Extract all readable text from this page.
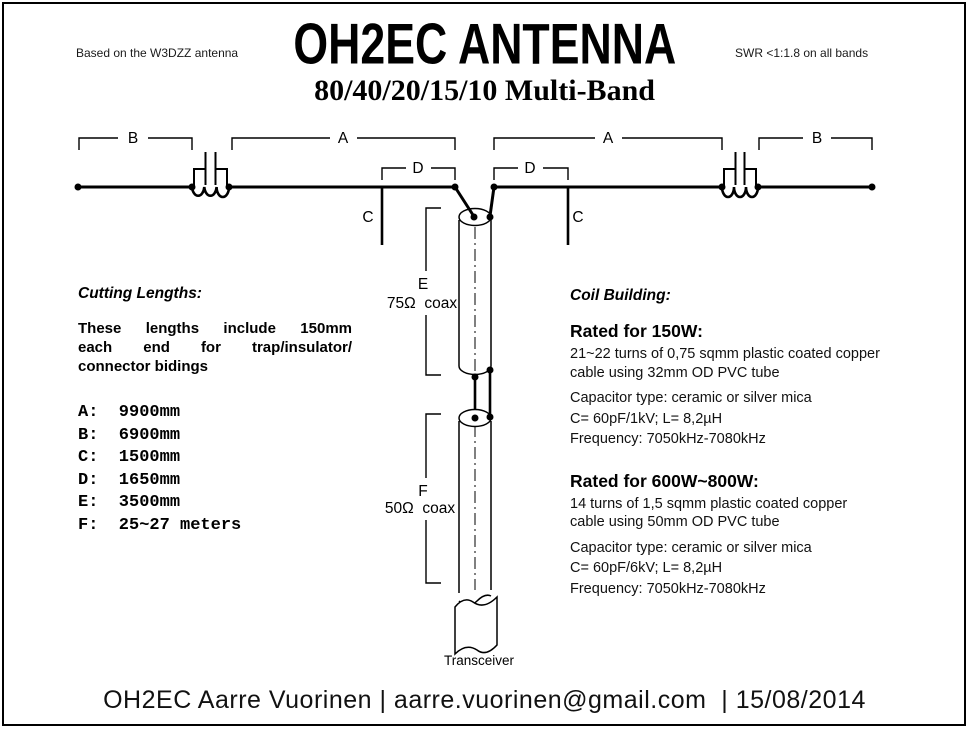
Based on the W3DZZ antenna	OH2EC ANTENNA	SWR <1:1.8 on all bands
80/40/20/15/10 Multi-Band
B	A	A	B
D	D
C	C
E
75Ω  coax
F
50Ω  coax
Transceiver
Cutting Lengths:
These lengths include 150mm
each end for trap/insulator/
connector bidings
A:  9900mm
B:  6900mm
C:  1500mm
D:  1650mm
E:  3500mm
F:  25~27 meters
Coil Building:
Rated for 150W:
21~22 turns of 0,75 sqmm plastic coated copper
cable using 32mm OD PVC tube
Capacitor type: ceramic or silver mica
C= 60pF/1kV; L= 8,2µH
Frequency: 7050kHz-7080kHz
Rated for 600W~800W:
14 turns of 1,5 sqmm plastic coated copper
cable using 50mm OD PVC tube
Capacitor type: ceramic or silver mica
C= 60pF/6kV; L= 8,2µH
Frequency: 7050kHz-7080kHz
OH2EC Aarre Vuorinen | aarre.vuorinen@gmail.com  | 15/08/2014
